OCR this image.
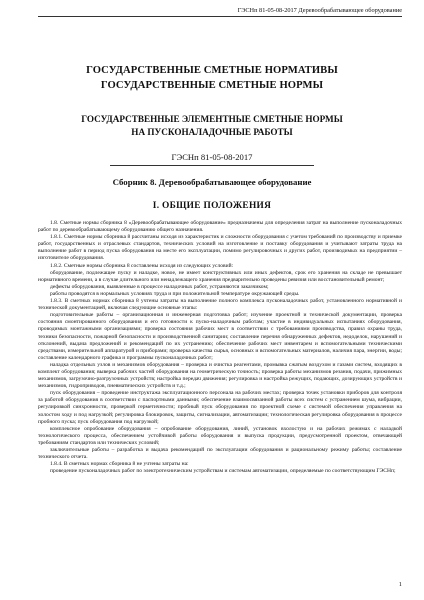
ГЭСНп 81-05-08-2017 Деревообрабатывающее оборудование
ГОСУДАРСТВЕННЫЕ СМЕТНЫЕ НОРМАТИВЫ
ГОСУДАРСТВЕННЫЕ СМЕТНЫЕ НОРМЫ
ГОСУДАРСТВЕННЫЕ ЭЛЕМЕНТНЫЕ СМЕТНЫЕ НОРМЫ
НА ПУСКОНАЛАДОЧНЫЕ РАБОТЫ
ГЭСНп 81-05-08-2017
Сборник 8. Деревообрабатывающее оборудование
I. ОБЩИЕ ПОЛОЖЕНИЯ

1.8. Сметные нормы сборника 8 «Деревообрабатывающее оборудование» предназначены для определения затрат на выполнение пусконаладочных работ по деревообрабатывающему оборудованию общего назначения.

1.8.1. Сметные нормы сборника 8 рассчитаны исходя из характеристик и сложности оборудования с учетом требований по производству и приемке работ, государственных и отраслевых стандартов, технических условий на изготовление и поставку оборудования и учитывают затраты труда на выполнение работ в период пуска оборудования на месте его эксплуатации, помимо регулировочных и других работ, производимых на предприятии – изготовителе оборудования.

1.8.2. Сметные нормы сборника 8 составлены исходя из следующих условий:

оборудование, подлежащее пуску и наладке, новое, не имеет конструктивных или иных дефектов, срок его хранения на складе не превышает нормативного времени, а в случае длительного или ненадлежащего хранения предварительно проведены ревизия или восстановительный ремонт;

дефекты оборудования, выявленные в процессе наладочных работ, устраняются заказчиком;

работы проводятся в нормальных условиях труда и при положительной температуре окружающей среды.

1.8.3. В сметных нормах сборника 8 учтены затраты на выполнение полного комплекса пусконаладочных работ, установленного нормативной и технической документацией, включая следующие основные этапы:

подготовительные работы – организационная и инженерная подготовка работ; изучение проектной и технической документации, проверка состояния смонтированного оборудования и его готовности к пуско-наладочным работам; участие в индивидуальных испытаниях оборудования, проводимых монтажными организациями; проверка состояния рабочих мест в соответствии с требованиями производства, правил охраны труда, техники безопасности, пожарной безопасности и производственной санитарии; составление перечня обнаруженных дефектов, недоделок, нарушений и отклонений, выдача предложений и рекомендаций по их устранению; обеспечение рабочих мест инвентарем и вспомогательными техническими средствами, измерительной аппаратурой и приборами; проверка качества сырья, основных и вспомогательных материалов, наличия пара, энергии, воды; составление календарного графика и программы пусконаладочных работ;

наладка отдельных узлов и механизмов оборудования – проверка и очистка реагентами, промывка сжатым воздухом и газами систем, входящих в комплект оборудования; выверка рабочих частей оборудования на геометрическую точность; проверка работы механизмов резания, подачи, прижимных механизмов, загрузочно-разгрузочных устройств; настройка передач движения; регулировка и настройка режущих, подающих, дозирующих устройств и механизмов, гидроприводов, пневматических устройств и т.д.;

пуск оборудования – проведение инструктажа эксплуатационного персонала на рабочих местах; проверка точек установки приборов для контроля за работой оборудования в соответствии с паспортными данными; обеспечение взаимосвязанной работы всех систем с устранением шума, вибрации, регулировкой синхронности, проверкой герметичности; пробный пуск оборудования по проектной схеме с системой обеспечения управления на холостом ходу и под нагрузкой; регулировка блокировок, защиты, сигнализации, автоматизации; технологическая регулировка оборудования в процессе пробного пуска; пуск оборудования под нагрузкой;

комплексное опробование оборудования – опробование оборудования, линий, установок вхолостую и на рабочих режимах с наладкой технологического процесса, обеспечением устойчивой работы оборудования и выпуска продукции, предусмотренной проектом, отвечающей требованиям стандартов или технических условий;

заключительные работы – разработка и выдача рекомендаций по эксплуатации оборудования и рациональному режиму работы; составление технического отчета.

1.8.4. В сметных нормах сборника 8 не учтены затраты на:

проведение пусконаладочных работ по электротехническим устройствам и системам автоматизации, определяемые по соответствующим ГЭСНп;

1
